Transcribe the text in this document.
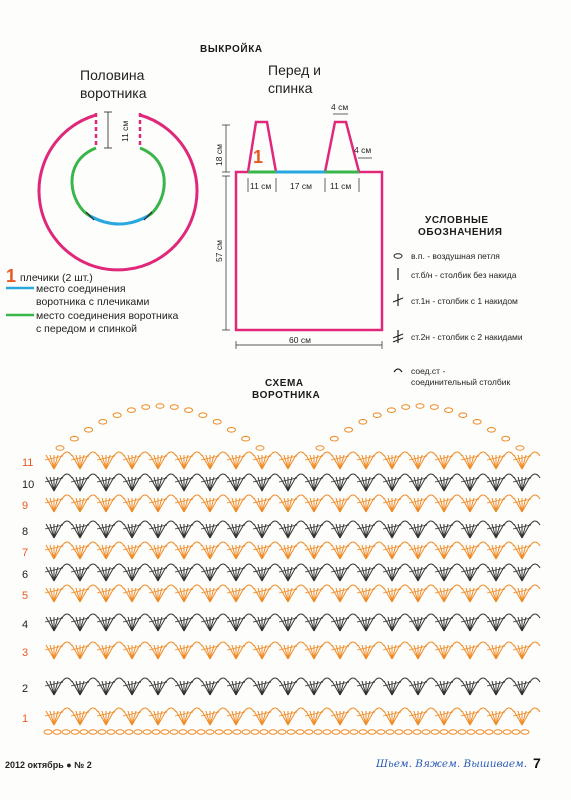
ВЫКРОЙКА
УСЛОВНЫЕ
ОБОЗНАЧЕНИЯ
СХЕМА
ВОРОТНИКА
Половина
воротника
11 см
Перед и
спинка
1
4 см
4 см
18 см
11 см 17 см 11 см
57 см
60 см
1 плечики (2 шт.)
место соединения
воротника с плечиками
место соединения воротника
с передом и спинкой
в.п. - воздушная петля
ст.б/н - столбик без накида
ст.1н - столбик с 1 накидом
ст.2н - столбик с 2 накидами
соед.ст -
соединительный столбик
11
10
9
8
7
6
5
4
3
2
1
2012 октябрь ● № 2	Шьем. Вяжем. Вышиваем. 7
